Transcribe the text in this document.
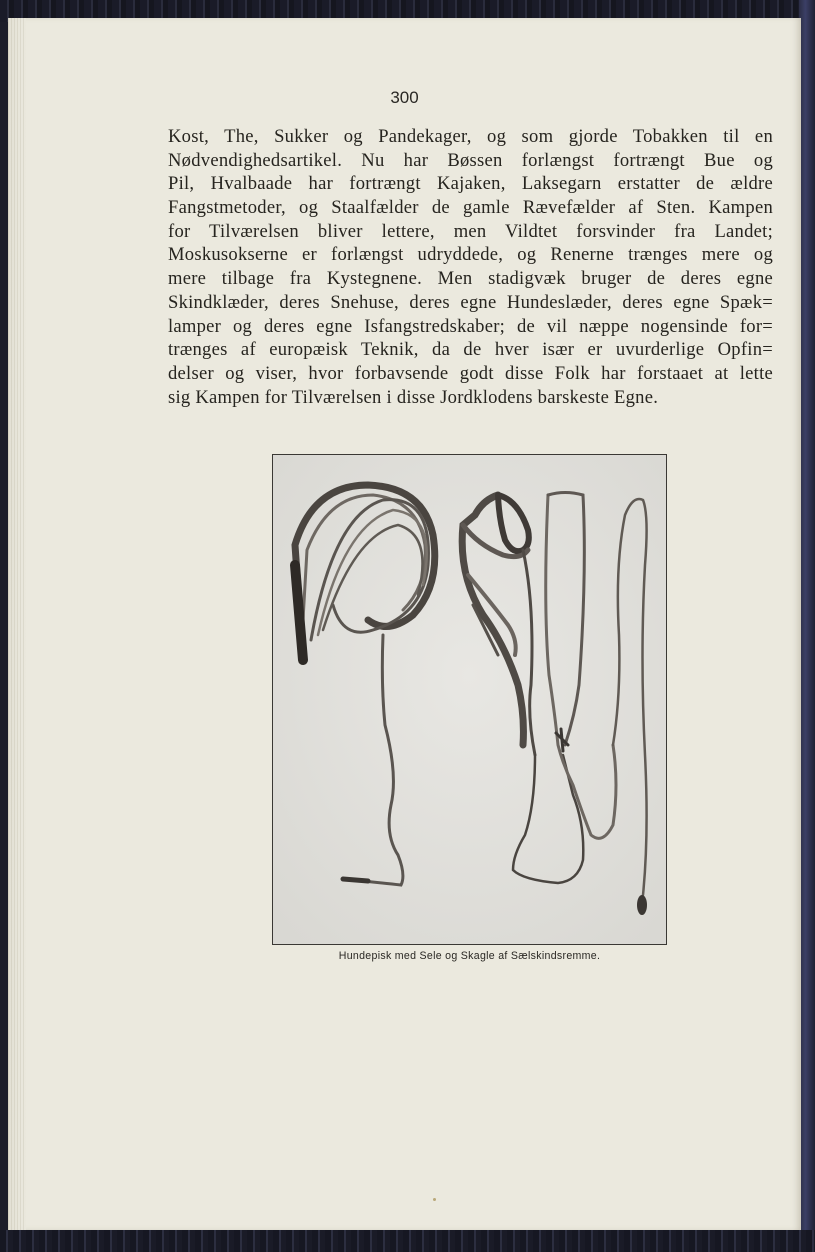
300
Kost, The, Sukker og Pandekager, og som gjorde Tobakken til en
Nødvendighedsartikel. Nu har Bøssen forlængst fortrængt Bue og
Pil, Hvalbaade har fortrængt Kajaken, Laksegarn erstatter de ældre
Fangstmetoder, og Staalfælder de gamle Rævefælder af Sten. Kampen
for Tilværelsen bliver lettere, men Vildtet forsvinder fra Landet;
Moskusokserne er forlængst udryddede, og Renerne trænges mere og
mere tilbage fra Kystegnene. Men stadigvæk bruger de deres egne
Skindklæder, deres Snehuse, deres egne Hundeslæder, deres egne Spæk=
lamper og deres egne Isfangstredskaber; de vil næppe nogensinde for=
trænges af europæisk Teknik, da de hver især er uvurderlige Opfin=
delser og viser, hvor forbavsende godt disse Folk har forstaaet at lette
sig Kampen for Tilværelsen i disse Jordklodens barskeste Egne.
Hundepisk med Sele og Skagle af Sælskindsremme.
